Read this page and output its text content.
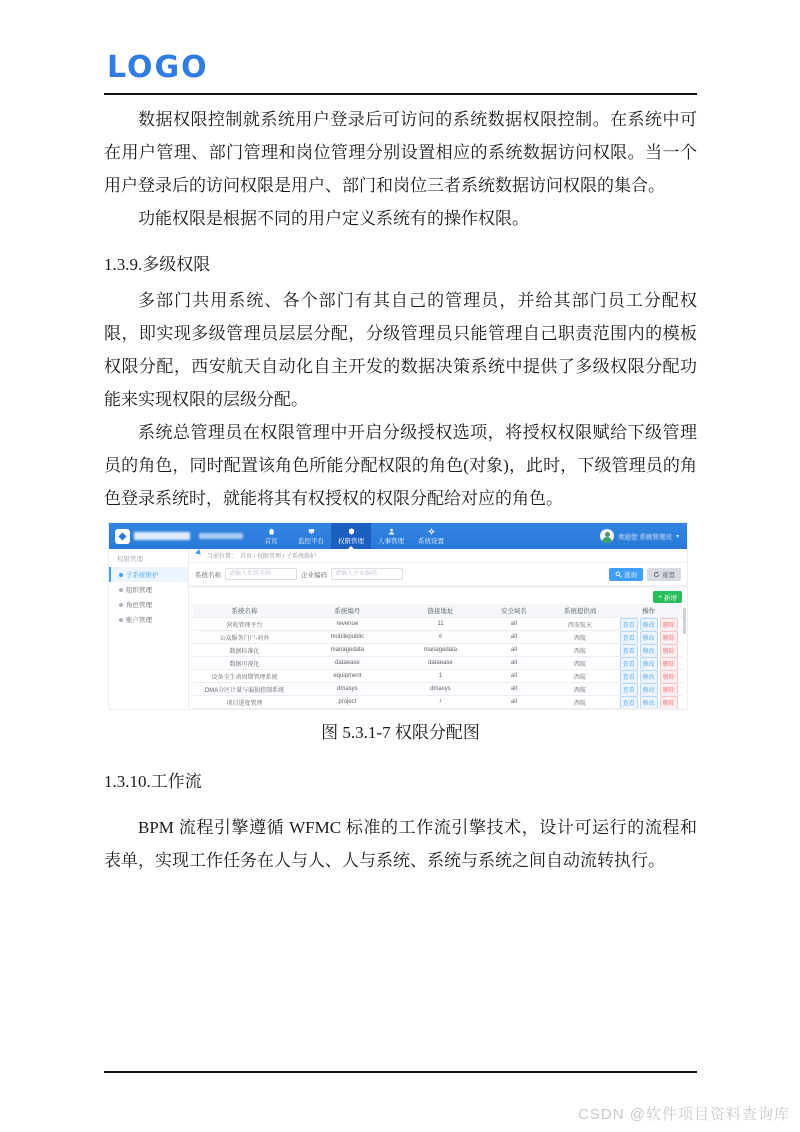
LOGO

数据权限控制就系统用户登录后可访问的系统数据权限控制。在系统中可在用户管理、部门管理和岗位管理分别设置相应的系统数据访问权限。当一个用户登录后的访问权限是用户、部门和岗位三者系统数据访问权限的集合。

功能权限是根据不同的用户定义系统有的操作权限。

1.3.9.多级权限

多部门共用系统、各个部门有其自己的管理员，并给其部门员工分配权限，即实现多级管理员层层分配，分级管理员只能管理自己职责范围内的模板权限分配，西安航天自动化自主开发的数据决策系统中提供了多级权限分配功能来实现权限的层级分配。

系统总管理员在权限管理中开启分级授权选项，将授权权限赋给下级管理员的角色，同时配置该角色所能分配权限的角色(对象)，此时，下级管理员的角色登录系统时，就能将其有权授权的权限分配给对应的角色。

首页	监控平台 权限管理 人事管理 系统设置
欢迎您 系统管理员 ▾
权限管理
子系统维护
组织管理
角色管理
账户管理
当前位置： 首页 / 权限管理 / 子系统维护
系统名称
请输入系统名称	企业编码
请输入企业编码	查询	重置
+ 新增
系统名称	系统编号	链接地址	安全域名	系统提供商	操作
营收管理平台	revenue	11	all	西安航天	查看	修改	删除
公众服务门户-对外	mobilepublic	#	all	西航	查看	修改	删除
数据标准化	managedata	managedata	all	西航	查看	修改	删除
数据可视化	dataease	dataease	all	西航	查看	修改	删除
设备全生命周期管理系统	equipment	1	all	西航	查看	修改	删除
DMA分区计量与漏损控制系统	dmasys	dmasys	all	西航	查看	修改	删除
项目进度管理	project	/	all	西航	查看	修改	删除
图 5.3.1-7 权限分配图
1.3.10.工作流

BPM 流程引擎遵循 WFMC 标准的工作流引擎技术，设计可运行的流程和表单，实现工作任务在人与人、人与系统、系统与系统之间自动流转执行。

CSDN @软件项目资料查询库
